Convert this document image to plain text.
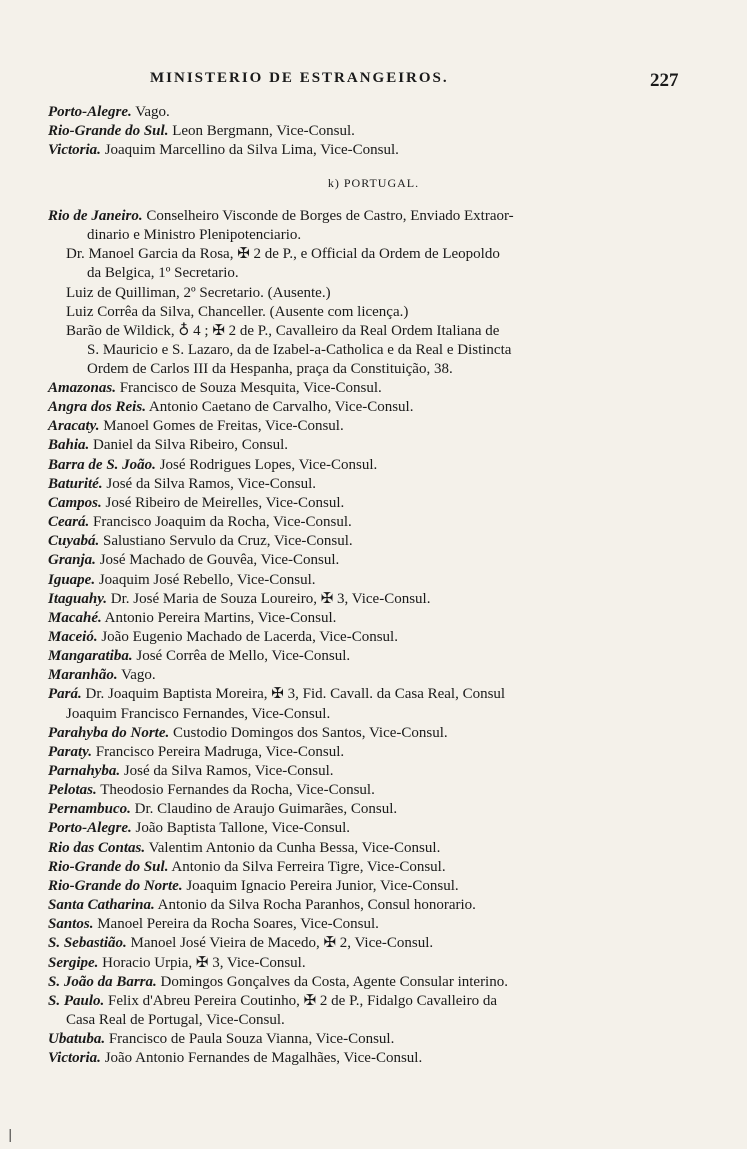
MINISTERIO DE ESTRANGEIROS.	227
k) PORTUGAL.
Porto-Alegre. Vago.
Rio-Grande do Sul. Leon Bergmann, Vice-Consul.
Victoria. Joaquim Marcellino da Silva Lima, Vice-Consul.
Rio de Janeiro. Conselheiro Visconde de Borges de Castro, Enviado Extraor-
dinario e Ministro Plenipotenciario.
Dr. Manoel Garcia da Rosa, ✠ 2 de P., e Official da Ordem de Leopoldo
da Belgica, 1º Secretario.
Luiz de Quilliman, 2º Secretario. (Ausente.)
Luiz Corrêa da Silva, Chanceller. (Ausente com licença.)
Barão de Wildick, ♁ 4 ; ✠ 2 de P., Cavalleiro da Real Ordem Italiana de
S. Mauricio e S. Lazaro, da de Izabel-a-Catholica e da Real e Distincta
Ordem de Carlos III da Hespanha, praça da Constituição, 38.
Amazonas. Francisco de Souza Mesquita, Vice-Consul.
Angra dos Reis. Antonio Caetano de Carvalho, Vice-Consul.
Aracaty. Manoel Gomes de Freitas, Vice-Consul.
Bahia. Daniel da Silva Ribeiro, Consul.
Barra de S. João. José Rodrigues Lopes, Vice-Consul.
Baturité. José da Silva Ramos, Vice-Consul.
Campos. José Ribeiro de Meirelles, Vice-Consul.
Ceará. Francisco Joaquim da Rocha, Vice-Consul.
Cuyabá. Salustiano Servulo da Cruz, Vice-Consul.
Granja. José Machado de Gouvêa, Vice-Consul.
Iguape. Joaquim José Rebello, Vice-Consul.
Itaguahy. Dr. José Maria de Souza Loureiro, ✠ 3, Vice-Consul.
Macahé. Antonio Pereira Martins, Vice-Consul.
Maceió. João Eugenio Machado de Lacerda, Vice-Consul.
Mangaratiba. José Corrêa de Mello, Vice-Consul.
Maranhão. Vago.
Pará. Dr. Joaquim Baptista Moreira, ✠ 3, Fid. Cavall. da Casa Real, Consul
Joaquim Francisco Fernandes, Vice-Consul.
Parahyba do Norte. Custodio Domingos dos Santos, Vice-Consul.
Paraty. Francisco Pereira Madruga, Vice-Consul.
Parnahyba. José da Silva Ramos, Vice-Consul.
Pelotas. Theodosio Fernandes da Rocha, Vice-Consul.
Pernambuco. Dr. Claudino de Araujo Guimarães, Consul.
Porto-Alegre. João Baptista Tallone, Vice-Consul.
Rio das Contas. Valentim Antonio da Cunha Bessa, Vice-Consul.
Rio-Grande do Sul. Antonio da Silva Ferreira Tigre, Vice-Consul.
Rio-Grande do Norte. Joaquim Ignacio Pereira Junior, Vice-Consul.
Santa Catharina. Antonio da Silva Rocha Paranhos, Consul honorario.
Santos. Manoel Pereira da Rocha Soares, Vice-Consul.
S. Sebastião. Manoel José Vieira de Macedo, ✠ 2, Vice-Consul.
Sergipe. Horacio Urpia, ✠ 3, Vice-Consul.
S. João da Barra. Domingos Gonçalves da Costa, Agente Consular interino.
S. Paulo. Felix d'Abreu Pereira Coutinho, ✠ 2 de P., Fidalgo Cavalleiro da
Casa Real de Portugal, Vice-Consul.
Ubatuba. Francisco de Paula Souza Vianna, Vice-Consul.
Victoria. João Antonio Fernandes de Magalhães, Vice-Consul.
|
